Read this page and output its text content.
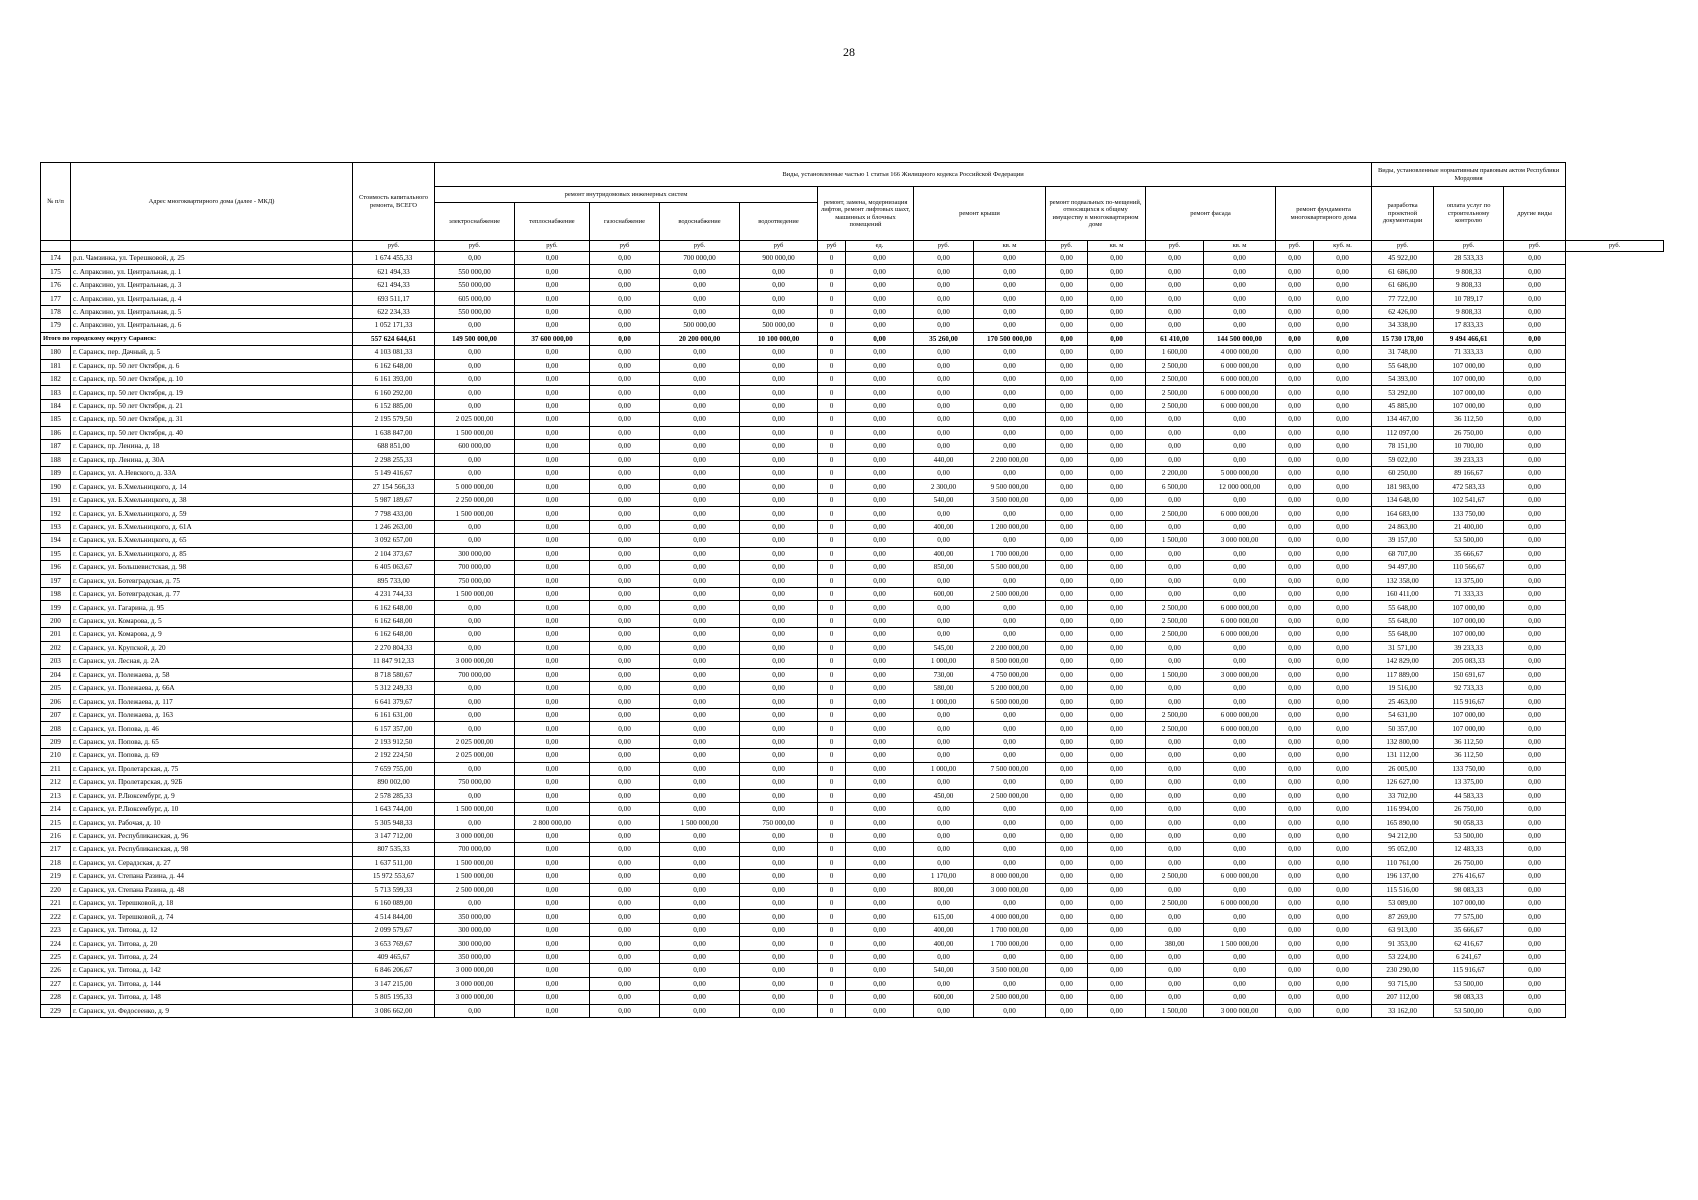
28
№ п/п	Адрес многоквартирного дома (далее - МКД)	Стоимость капитального ремонта, ВСЕГО	Виды, установленные частью 1 статьи 166 Жилищного кодекса Российской Федерации															Виды, установленные нормативным правовым актом Республики Мордовия			
			ремонт внутридомовых инженерных систем					ремонт, замена, модернизация лифтов, ремонт лифтовых шахт, машинных и блочных помещений		ремонт крыши		ремонт подвальных по-мещений, относящихся к общему имуществу в многоквартирном доме		ремонт фасада		ремонт фундамента многоквартирного дома		разработка проектной документации	оплата услуг по строительному контролю	другие виды	
			электроснабжение	теплоснабжение	газоснабжение	водоснабжение	водоотведение														
		руб.	руб.	руб.	руб	руб.	руб	руб	ед.	руб.	кв. м	руб.	кв. м	руб.	кв. м	руб.	куб. м.	руб.	руб.	руб.	руб.
174	р.п. Чамзинка, ул. Терешковой, д. 25	1 674 455,33	0,00	0,00	0,00	700 000,00	900 000,00	0	0,00	0,00	0,00	0,00	0,00	0,00	0,00	0,00	0,00	45 922,00	28 533,33	0,00	
175	с. Апраксино, ул. Центральная, д. 1	621 494,33	550 000,00	0,00	0,00	0,00	0,00	0	0,00	0,00	0,00	0,00	0,00	0,00	0,00	0,00	0,00	61 686,00	9 808,33	0,00	
176	с. Апраксино, ул. Центральная, д. 3	621 494,33	550 000,00	0,00	0,00	0,00	0,00	0	0,00	0,00	0,00	0,00	0,00	0,00	0,00	0,00	0,00	61 686,00	9 808,33	0,00	
177	с. Апраксино, ул. Центральная, д. 4	693 511,17	605 000,00	0,00	0,00	0,00	0,00	0	0,00	0,00	0,00	0,00	0,00	0,00	0,00	0,00	0,00	77 722,00	10 789,17	0,00	
178	с. Апраксино, ул. Центральная, д. 5	622 234,33	550 000,00	0,00	0,00	0,00	0,00	0	0,00	0,00	0,00	0,00	0,00	0,00	0,00	0,00	0,00	62 426,00	9 808,33	0,00	
179	с. Апраксино, ул. Центральная, д. 6	1 052 171,33	0,00	0,00	0,00	500 000,00	500 000,00	0	0,00	0,00	0,00	0,00	0,00	0,00	0,00	0,00	0,00	34 338,00	17 833,33	0,00	
Итого по городскому округу Саранск:		557 624 644,61	149 500 000,00	37 600 000,00	0,00	20 200 000,00	10 100 000,00	0	0,00	35 260,00	170 500 000,00	0,00	0,00	61 410,00	144 500 000,00	0,00	0,00	15 730 178,00	9 494 466,61	0,00	
180	г. Саранск, пер. Дачный, д. 5	4 103 081,33	0,00	0,00	0,00	0,00	0,00	0	0,00	0,00	0,00	0,00	0,00	1 600,00	4 000 000,00	0,00	0,00	31 748,00	71 333,33	0,00	
181	г. Саранск, пр. 50 лет Октября, д. 6	6 162 648,00	0,00	0,00	0,00	0,00	0,00	0	0,00	0,00	0,00	0,00	0,00	2 500,00	6 000 000,00	0,00	0,00	55 648,00	107 000,00	0,00	
182	г. Саранск, пр. 50 лет Октября, д. 10	6 161 393,00	0,00	0,00	0,00	0,00	0,00	0	0,00	0,00	0,00	0,00	0,00	2 500,00	6 000 000,00	0,00	0,00	54 393,00	107 000,00	0,00	
183	г. Саранск, пр. 50 лет Октября, д. 19	6 160 292,00	0,00	0,00	0,00	0,00	0,00	0	0,00	0,00	0,00	0,00	0,00	2 500,00	6 000 000,00	0,00	0,00	53 292,00	107 000,00	0,00	
184	г. Саранск, пр. 50 лет Октября, д. 21	6 152 885,00	0,00	0,00	0,00	0,00	0,00	0	0,00	0,00	0,00	0,00	0,00	2 500,00	6 000 000,00	0,00	0,00	45 885,00	107 000,00	0,00	
185	г. Саранск, пр. 50 лет Октября, д. 31	2 195 579,50	2 025 000,00	0,00	0,00	0,00	0,00	0	0,00	0,00	0,00	0,00	0,00	0,00	0,00	0,00	0,00	134 467,00	36 112,50	0,00	
186	г. Саранск, пр. 50 лет Октября, д. 40	1 638 847,00	1 500 000,00	0,00	0,00	0,00	0,00	0	0,00	0,00	0,00	0,00	0,00	0,00	0,00	0,00	0,00	112 097,00	26 750,00	0,00	
187	г. Саранск, пр. Ленина, д. 18	688 851,00	600 000,00	0,00	0,00	0,00	0,00	0	0,00	0,00	0,00	0,00	0,00	0,00	0,00	0,00	0,00	78 151,00	10 700,00	0,00	
188	г. Саранск, пр. Ленина, д. 30А	2 298 255,33	0,00	0,00	0,00	0,00	0,00	0	0,00	440,00	2 200 000,00	0,00	0,00	0,00	0,00	0,00	0,00	59 022,00	39 233,33	0,00	
189	г. Саранск, ул. А.Невского, д. 33А	5 149 416,67	0,00	0,00	0,00	0,00	0,00	0	0,00	0,00	0,00	0,00	0,00	2 200,00	5 000 000,00	0,00	0,00	60 250,00	89 166,67	0,00	
190	г. Саранск, ул. Б.Хмельницкого, д. 14	27 154 566,33	5 000 000,00	0,00	0,00	0,00	0,00	0	0,00	2 300,00	9 500 000,00	0,00	0,00	6 500,00	12 000 000,00	0,00	0,00	181 983,00	472 583,33	0,00	
191	г. Саранск, ул. Б.Хмельницкого, д. 38	5 987 189,67	2 250 000,00	0,00	0,00	0,00	0,00	0	0,00	540,00	3 500 000,00	0,00	0,00	0,00	0,00	0,00	0,00	134 648,00	102 541,67	0,00	
192	г. Саранск, ул. Б.Хмельницкого, д. 59	7 798 433,00	1 500 000,00	0,00	0,00	0,00	0,00	0	0,00	0,00	0,00	0,00	0,00	2 500,00	6 000 000,00	0,00	0,00	164 683,00	133 750,00	0,00	
193	г. Саранск, ул. Б.Хмельницкого, д. 61А	1 246 263,00	0,00	0,00	0,00	0,00	0,00	0	0,00	400,00	1 200 000,00	0,00	0,00	0,00	0,00	0,00	0,00	24 863,00	21 400,00	0,00	
194	г. Саранск, ул. Б.Хмельницкого, д. 65	3 092 657,00	0,00	0,00	0,00	0,00	0,00	0	0,00	0,00	0,00	0,00	0,00	1 500,00	3 000 000,00	0,00	0,00	39 157,00	53 500,00	0,00	
195	г. Саранск, ул. Б.Хмельницкого, д. 85	2 104 373,67	300 000,00	0,00	0,00	0,00	0,00	0	0,00	400,00	1 700 000,00	0,00	0,00	0,00	0,00	0,00	0,00	68 707,00	35 666,67	0,00	
196	г. Саранск, ул. Большевистская, д. 98	6 405 063,67	700 000,00	0,00	0,00	0,00	0,00	0	0,00	850,00	5 500 000,00	0,00	0,00	0,00	0,00	0,00	0,00	94 497,00	110 566,67	0,00	
197	г. Саранск, ул. Ботевградская, д. 75	895 733,00	750 000,00	0,00	0,00	0,00	0,00	0	0,00	0,00	0,00	0,00	0,00	0,00	0,00	0,00	0,00	132 358,00	13 375,00	0,00	
198	г. Саранск, ул. Ботевградская, д. 77	4 231 744,33	1 500 000,00	0,00	0,00	0,00	0,00	0	0,00	600,00	2 500 000,00	0,00	0,00	0,00	0,00	0,00	0,00	160 411,00	71 333,33	0,00	
199	г. Саранск, ул. Гагарина, д. 95	6 162 648,00	0,00	0,00	0,00	0,00	0,00	0	0,00	0,00	0,00	0,00	0,00	2 500,00	6 000 000,00	0,00	0,00	55 648,00	107 000,00	0,00	
200	г. Саранск, ул. Комарова, д. 5	6 162 648,00	0,00	0,00	0,00	0,00	0,00	0	0,00	0,00	0,00	0,00	0,00	2 500,00	6 000 000,00	0,00	0,00	55 648,00	107 000,00	0,00	
201	г. Саранск, ул. Комарова, д. 9	6 162 648,00	0,00	0,00	0,00	0,00	0,00	0	0,00	0,00	0,00	0,00	0,00	2 500,00	6 000 000,00	0,00	0,00	55 648,00	107 000,00	0,00	
202	г. Саранск, ул. Крупской, д. 20	2 270 804,33	0,00	0,00	0,00	0,00	0,00	0	0,00	545,00	2 200 000,00	0,00	0,00	0,00	0,00	0,00	0,00	31 571,00	39 233,33	0,00	
203	г. Саранск, ул. Лесная, д. 2А	11 847 912,33	3 000 000,00	0,00	0,00	0,00	0,00	0	0,00	1 000,00	8 500 000,00	0,00	0,00	0,00	0,00	0,00	0,00	142 829,00	205 083,33	0,00	
204	г. Саранск, ул. Полежаева, д. 58	8 718 580,67	700 000,00	0,00	0,00	0,00	0,00	0	0,00	730,00	4 750 000,00	0,00	0,00	1 500,00	3 000 000,00	0,00	0,00	117 889,00	150 691,67	0,00	
205	г. Саранск, ул. Полежаева, д. 66А	5 312 249,33	0,00	0,00	0,00	0,00	0,00	0	0,00	580,00	5 200 000,00	0,00	0,00	0,00	0,00	0,00	0,00	19 516,00	92 733,33	0,00	
206	г. Саранск, ул. Полежаева, д. 117	6 641 379,67	0,00	0,00	0,00	0,00	0,00	0	0,00	1 000,00	6 500 000,00	0,00	0,00	0,00	0,00	0,00	0,00	25 463,00	115 916,67	0,00	
207	г. Саранск, ул. Полежаева, д. 163	6 161 631,00	0,00	0,00	0,00	0,00	0,00	0	0,00	0,00	0,00	0,00	0,00	2 500,00	6 000 000,00	0,00	0,00	54 631,00	107 000,00	0,00	
208	г. Саранск, ул. Попова, д. 46	6 157 357,00	0,00	0,00	0,00	0,00	0,00	0	0,00	0,00	0,00	0,00	0,00	2 500,00	6 000 000,00	0,00	0,00	50 357,00	107 000,00	0,00	
209	г. Саранск, ул. Попова, д. 65	2 193 912,50	2 025 000,00	0,00	0,00	0,00	0,00	0	0,00	0,00	0,00	0,00	0,00	0,00	0,00	0,00	0,00	132 800,00	36 112,50	0,00	
210	г. Саранск, ул. Попова, д. 69	2 192 224,50	2 025 000,00	0,00	0,00	0,00	0,00	0	0,00	0,00	0,00	0,00	0,00	0,00	0,00	0,00	0,00	131 112,00	36 112,50	0,00	
211	г. Саранск, ул. Пролетарская, д. 75	7 659 755,00	0,00	0,00	0,00	0,00	0,00	0	0,00	1 000,00	7 500 000,00	0,00	0,00	0,00	0,00	0,00	0,00	26 005,00	133 750,00	0,00	
212	г. Саранск, ул. Пролетарская, д. 92Б	890 002,00	750 000,00	0,00	0,00	0,00	0,00	0	0,00	0,00	0,00	0,00	0,00	0,00	0,00	0,00	0,00	126 627,00	13 375,00	0,00	
213	г. Саранск, ул. Р.Люксембург, д. 9	2 578 285,33	0,00	0,00	0,00	0,00	0,00	0	0,00	450,00	2 500 000,00	0,00	0,00	0,00	0,00	0,00	0,00	33 702,00	44 583,33	0,00	
214	г. Саранск, ул. Р.Люксембург, д. 10	1 643 744,00	1 500 000,00	0,00	0,00	0,00	0,00	0	0,00	0,00	0,00	0,00	0,00	0,00	0,00	0,00	0,00	116 994,00	26 750,00	0,00	
215	г. Саранск, ул. Рабочая, д. 10	5 305 948,33	0,00	2 800 000,00	0,00	1 500 000,00	750 000,00	0	0,00	0,00	0,00	0,00	0,00	0,00	0,00	0,00	0,00	165 890,00	90 058,33	0,00	
216	г. Саранск, ул. Республиканская, д. 96	3 147 712,00	3 000 000,00	0,00	0,00	0,00	0,00	0	0,00	0,00	0,00	0,00	0,00	0,00	0,00	0,00	0,00	94 212,00	53 500,00	0,00	
217	г. Саранск, ул. Республиканская, д. 98	807 535,33	700 000,00	0,00	0,00	0,00	0,00	0	0,00	0,00	0,00	0,00	0,00	0,00	0,00	0,00	0,00	95 052,00	12 483,33	0,00	
218	г. Саранск, ул. Серадзская, д. 27	1 637 511,00	1 500 000,00	0,00	0,00	0,00	0,00	0	0,00	0,00	0,00	0,00	0,00	0,00	0,00	0,00	0,00	110 761,00	26 750,00	0,00	
219	г. Саранск, ул. Степана Разина, д. 44	15 972 553,67	1 500 000,00	0,00	0,00	0,00	0,00	0	0,00	1 170,00	8 000 000,00	0,00	0,00	2 500,00	6 000 000,00	0,00	0,00	196 137,00	276 416,67	0,00	
220	г. Саранск, ул. Степана Разина, д. 48	5 713 599,33	2 500 000,00	0,00	0,00	0,00	0,00	0	0,00	800,00	3 000 000,00	0,00	0,00	0,00	0,00	0,00	0,00	115 516,00	98 083,33	0,00	
221	г. Саранск, ул. Терешковой, д. 18	6 160 089,00	0,00	0,00	0,00	0,00	0,00	0	0,00	0,00	0,00	0,00	0,00	2 500,00	6 000 000,00	0,00	0,00	53 089,00	107 000,00	0,00	
222	г. Саранск, ул. Терешковой, д. 74	4 514 844,00	350 000,00	0,00	0,00	0,00	0,00	0	0,00	615,00	4 000 000,00	0,00	0,00	0,00	0,00	0,00	0,00	87 269,00	77 575,00	0,00	
223	г. Саранск, ул. Титова, д. 12	2 099 579,67	300 000,00	0,00	0,00	0,00	0,00	0	0,00	400,00	1 700 000,00	0,00	0,00	0,00	0,00	0,00	0,00	63 913,00	35 666,67	0,00	
224	г. Саранск, ул. Титова, д. 20	3 653 769,67	300 000,00	0,00	0,00	0,00	0,00	0	0,00	400,00	1 700 000,00	0,00	0,00	380,00	1 500 000,00	0,00	0,00	91 353,00	62 416,67	0,00	
225	г. Саранск, ул. Титова, д. 24	409 465,67	350 000,00	0,00	0,00	0,00	0,00	0	0,00	0,00	0,00	0,00	0,00	0,00	0,00	0,00	0,00	53 224,00	6 241,67	0,00	
226	г. Саранск, ул. Титова, д. 142	6 846 206,67	3 000 000,00	0,00	0,00	0,00	0,00	0	0,00	540,00	3 500 000,00	0,00	0,00	0,00	0,00	0,00	0,00	230 290,00	115 916,67	0,00	
227	г. Саранск, ул. Титова, д. 144	3 147 215,00	3 000 000,00	0,00	0,00	0,00	0,00	0	0,00	0,00	0,00	0,00	0,00	0,00	0,00	0,00	0,00	93 715,00	53 500,00	0,00	
228	г. Саранск, ул. Титова, д. 148	5 805 195,33	3 000 000,00	0,00	0,00	0,00	0,00	0	0,00	600,00	2 500 000,00	0,00	0,00	0,00	0,00	0,00	0,00	207 112,00	98 083,33	0,00	
229	г. Саранск, ул. Федосеенко, д. 9	3 086 662,00	0,00	0,00	0,00	0,00	0,00	0	0,00	0,00	0,00	0,00	0,00	1 500,00	3 000 000,00	0,00	0,00	33 162,00	53 500,00	0,00	
